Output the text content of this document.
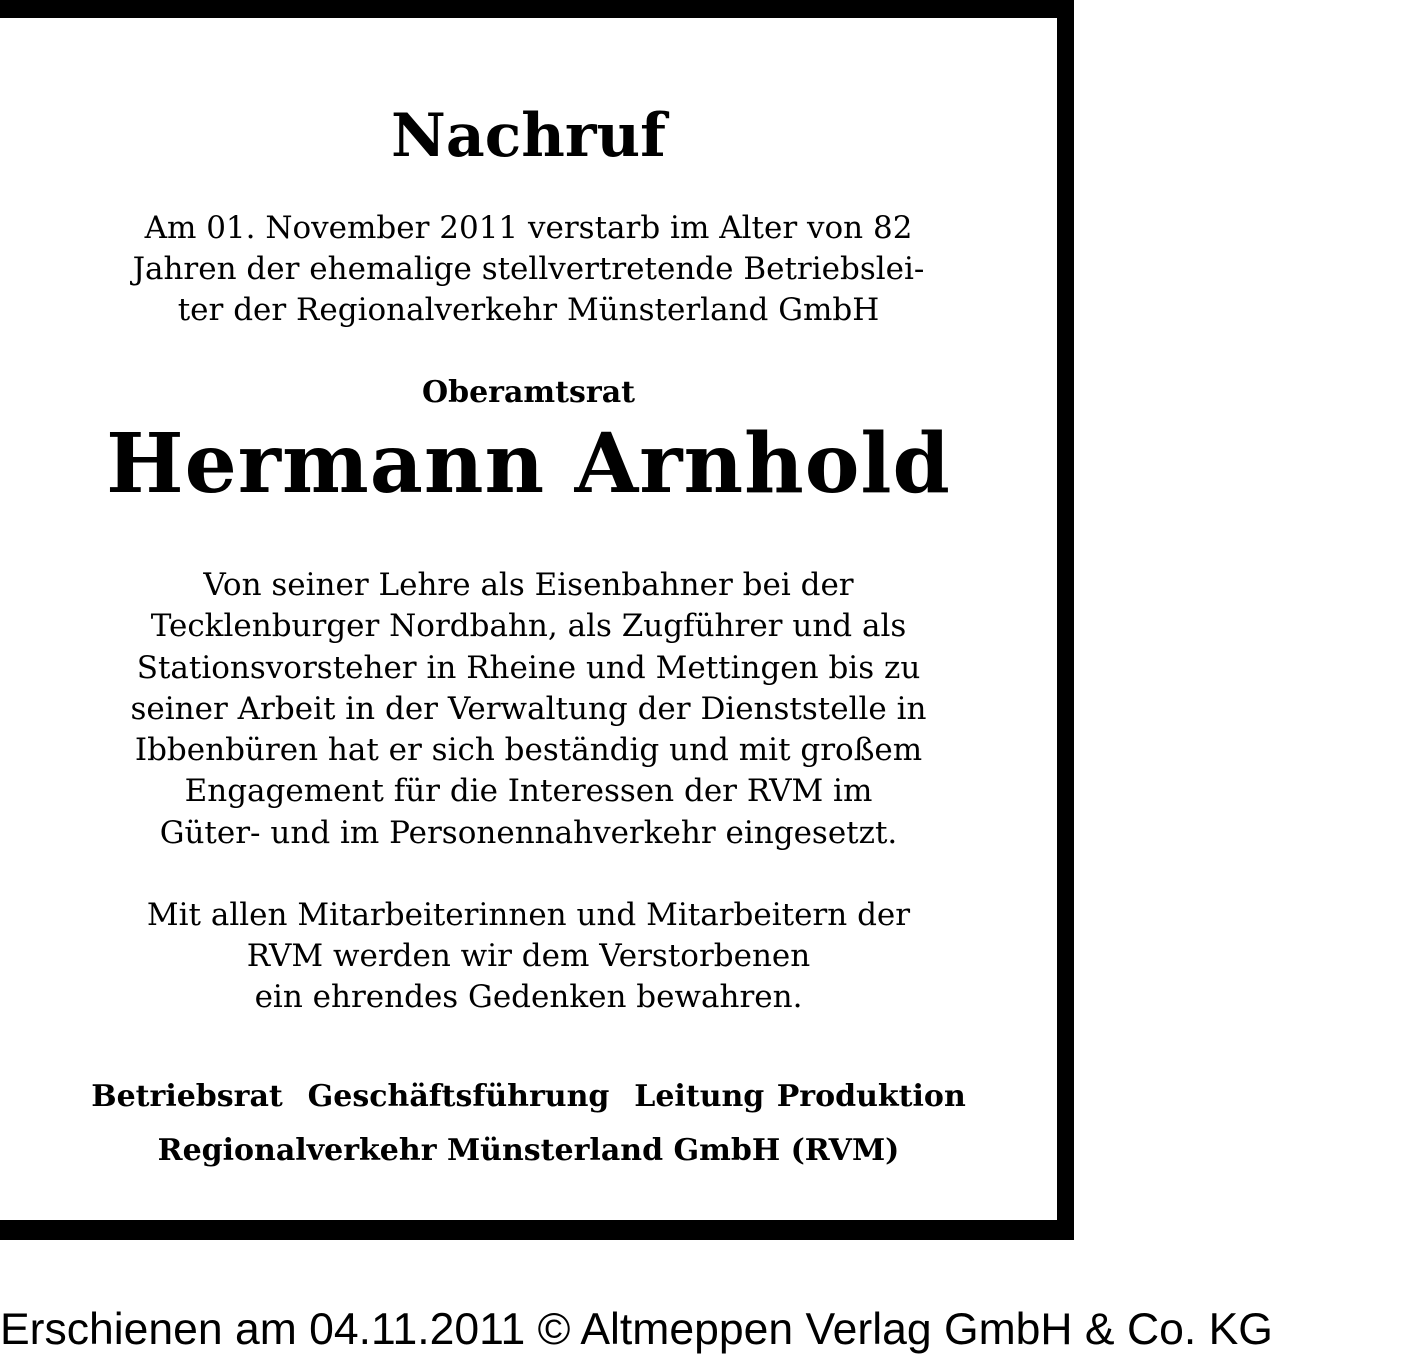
Nachruf
Am 01. November 2011 verstarb im Alter von 82
Jahren der ehemalige stellvertretende Betriebslei-
ter der Regionalverkehr Münsterland GmbH
Oberamtsrat
Hermann Arnhold
Von seiner Lehre als Eisenbahner bei der
Tecklenburger Nordbahn, als Zugführer und als
Stationsvorsteher in Rheine und Mettingen bis zu
seiner Arbeit in der Verwaltung der Dienststelle in
Ibbenbüren hat er sich beständig und mit großem
Engagement für die Interessen der RVM im
Güter- und im Personennahverkehr eingesetzt.
Mit allen Mitarbeiterinnen und Mitarbeitern der
RVM werden wir dem Verstorbenen
ein ehrendes Gedenken bewahren.
Betriebsrat  Geschäftsführung  Leitung Produktion
Regionalverkehr Münsterland GmbH (RVM)
Erschienen am 04.11.2011 © Altmeppen Verlag GmbH & Co. KG
